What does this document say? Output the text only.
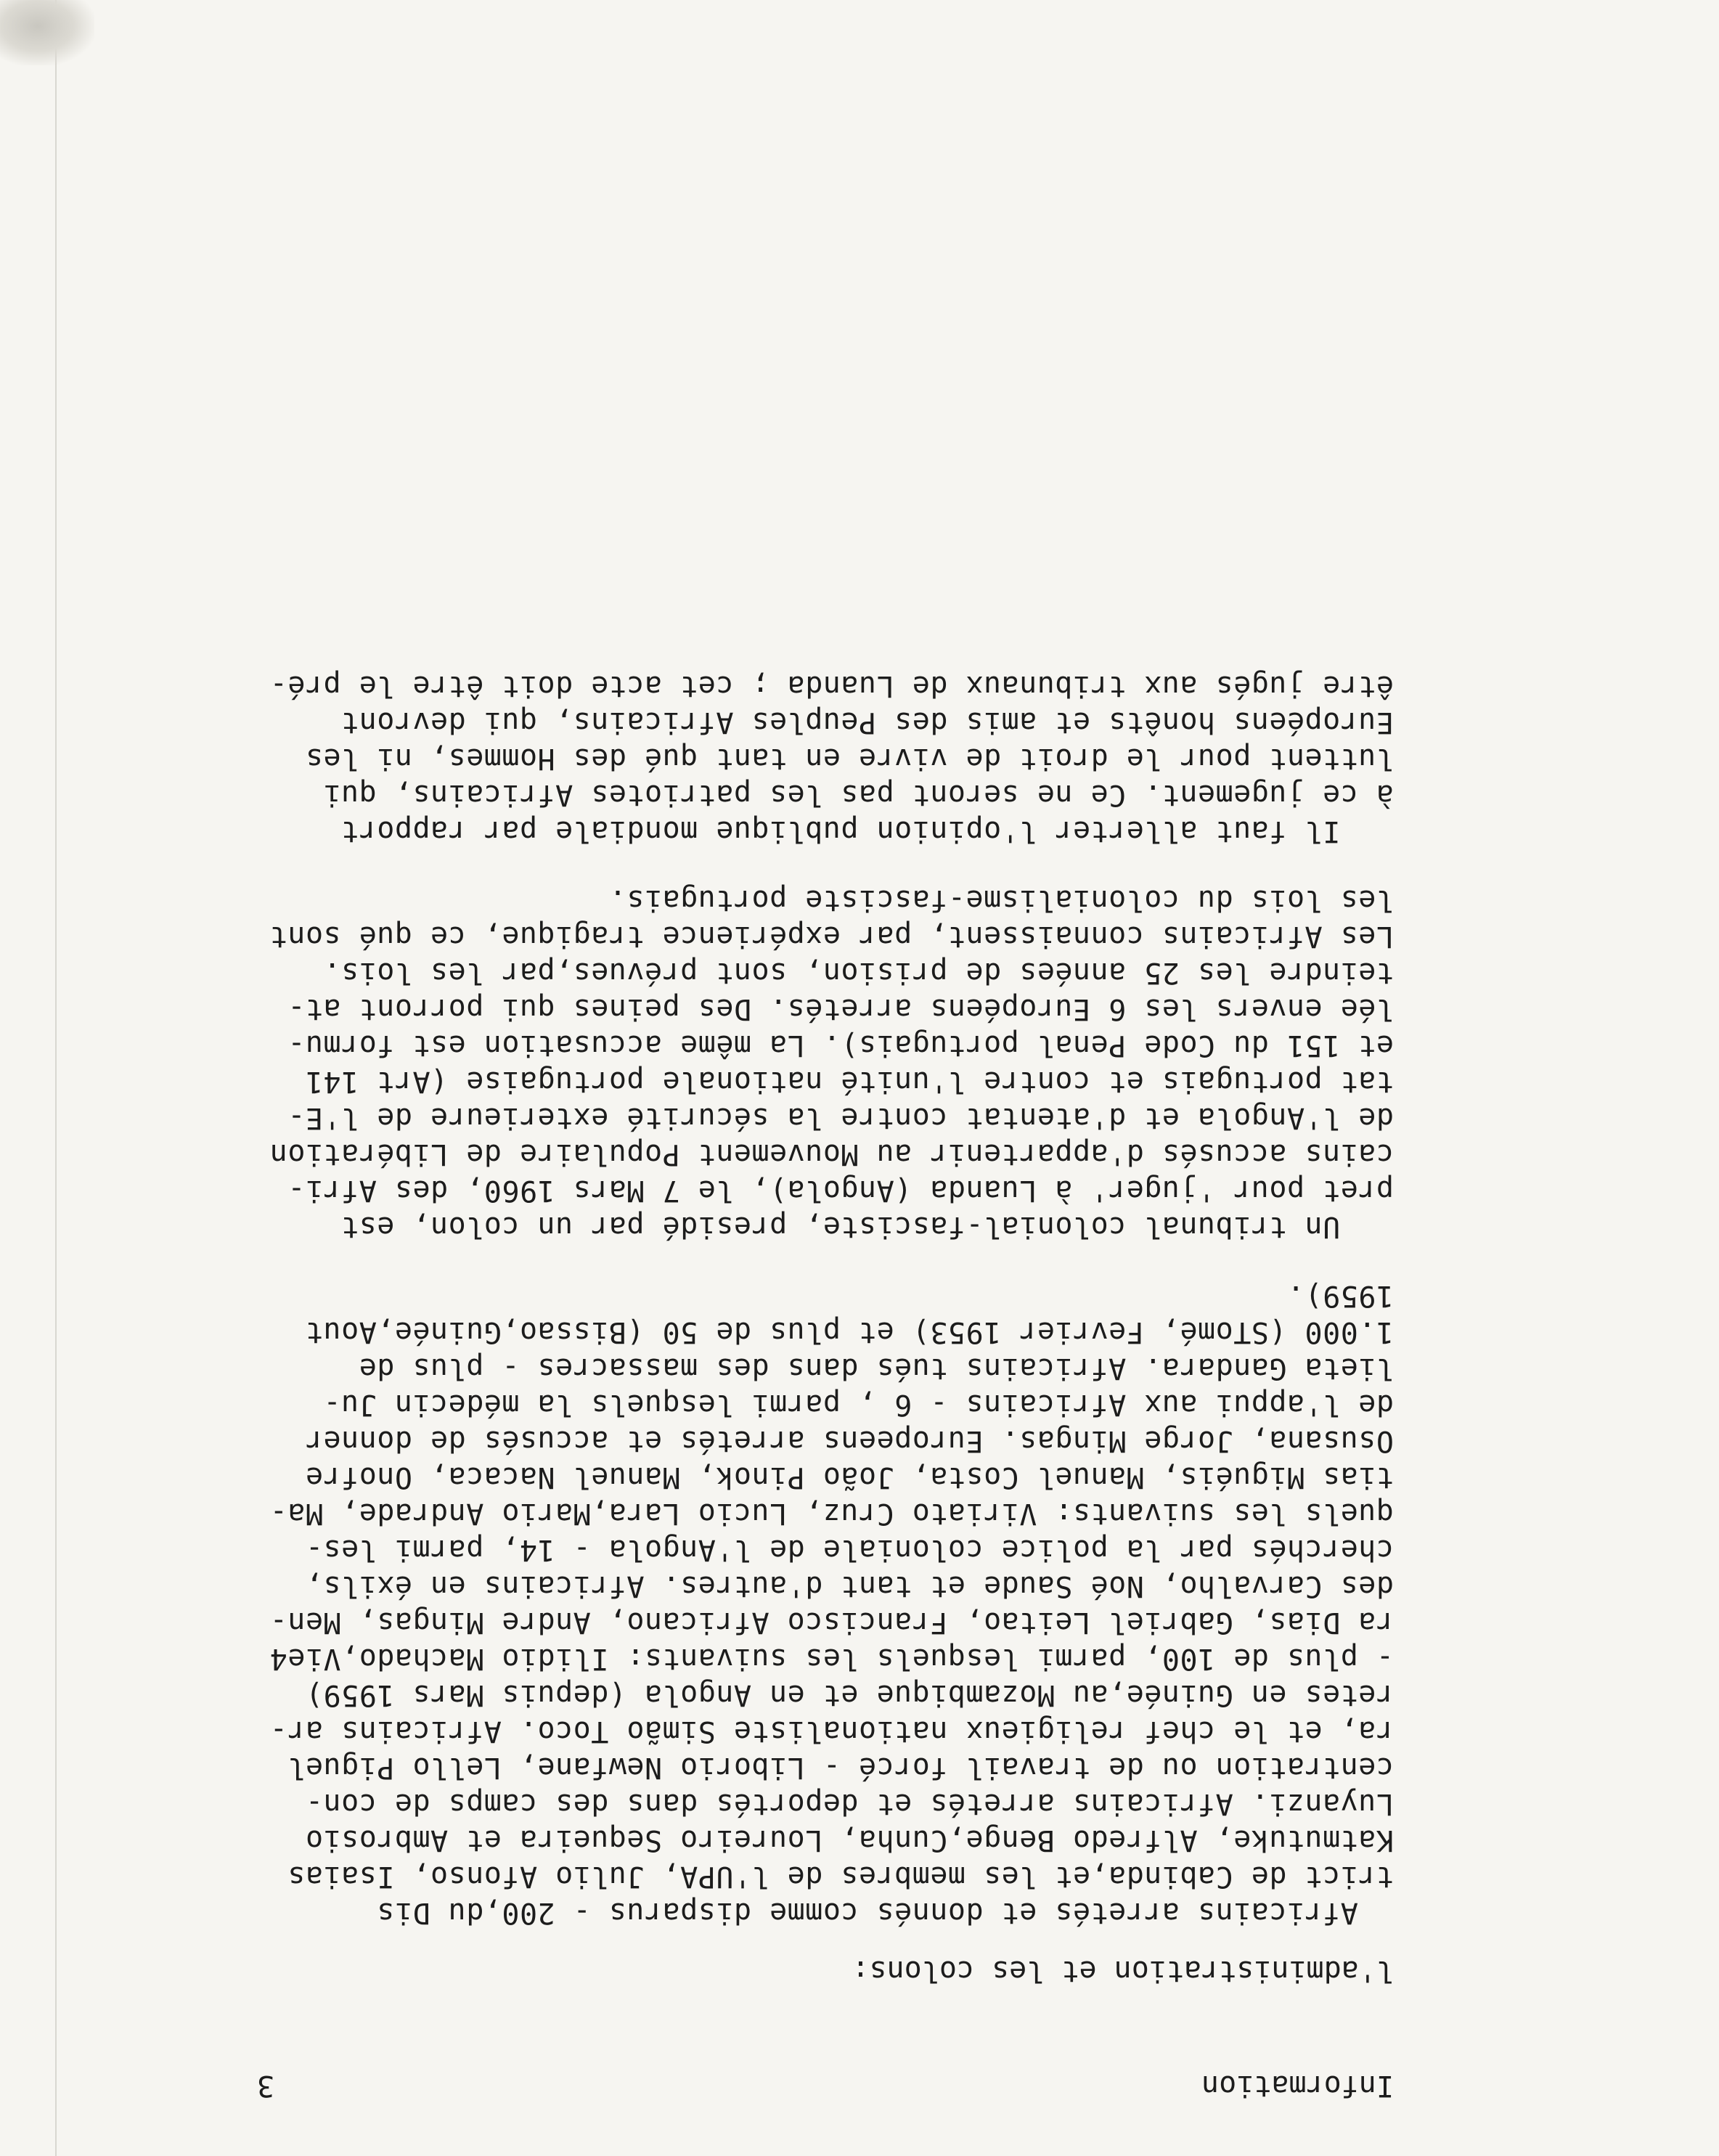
Information
3
l'administration et les colons:
Africains arretés et donnés comme disparus - 200,du Dis
trict de Cabinda,et les membres de l'UPA, Julio Afonso, Isaias
Katmutuke, Alfredo Benge,Cunha, Loureiro Sequeira et Ambrosio
Luyanzi. Africains arretés et deportés dans des camps de con-
centration ou de travail forcé - Liborio Newfane, Lello Piguel
ra, et le chef religieux nationaliste Simão Toco. Africains ar-
retes en Guinée,au Mozambique et en Angola (depuis Mars 1959)
- plus de 100, parmi lesquels les suivants: Ilidio Machado,Vie4
ra Dias, Gabriel Leitao, Francisco Africano, Andre Mingas, Men-
des Carvalho, Noé Saude et tant d'autres. Africains en éxils,
cherchés par la police coloniale de l'Angola - 14, parmi les-
quels les suivants: Viriato Cruz, Lucio Lara,Mario Andrade, Ma-
tias Miguéis, Manuel Costa, João Pinok, Manuel Nacaca, Onofre
Osusana, Jorge Mingas. Europeens arretés et accusés de donner
de l'appui aux Africains - 6 , parmi lesquels la médecin Ju-
lieta Gandara. Africains tués dans des massacres - plus de
1.000 (STomé, Fevrier 1953) et plus de 50 (Bissao,Guinée,Aout
1959).
Un tribunal colonial-fasciste, presidé par un colon, est
pret pour 'juger' à Luanda (Angola), le 7 Mars 1960, des Afri-
cains accusés d'appartenir au Mouvement Populaire de Libération
de l'Angola et d'atentat contre la sécurité exterieure de l'E-
tat portugais et contre l'unité nationale portugaise (Art 141
et 151 du Code Penal portugais). La même accusation est formu-
lée envers les 6 Européens arretés. Des peines qui porront at-
teindre les 25 années de prision, sont prévues,par les lois.
Les Africains connaissent, par expérience tragique, ce qué sont
les lois du colonialisme-fasciste portugais.
Il faut allerter l'opinion publique mondiale par rapport
à ce jugement. Ce ne seront pas les patriotes Africains, qui
luttent pour le droit de vivre en tant qué des Hommes, ni les
Européens honêts et amis des Peuples Africains, qui devront
être jugés aux tribunaux de Luanda ; cet acte doit être le pré-
